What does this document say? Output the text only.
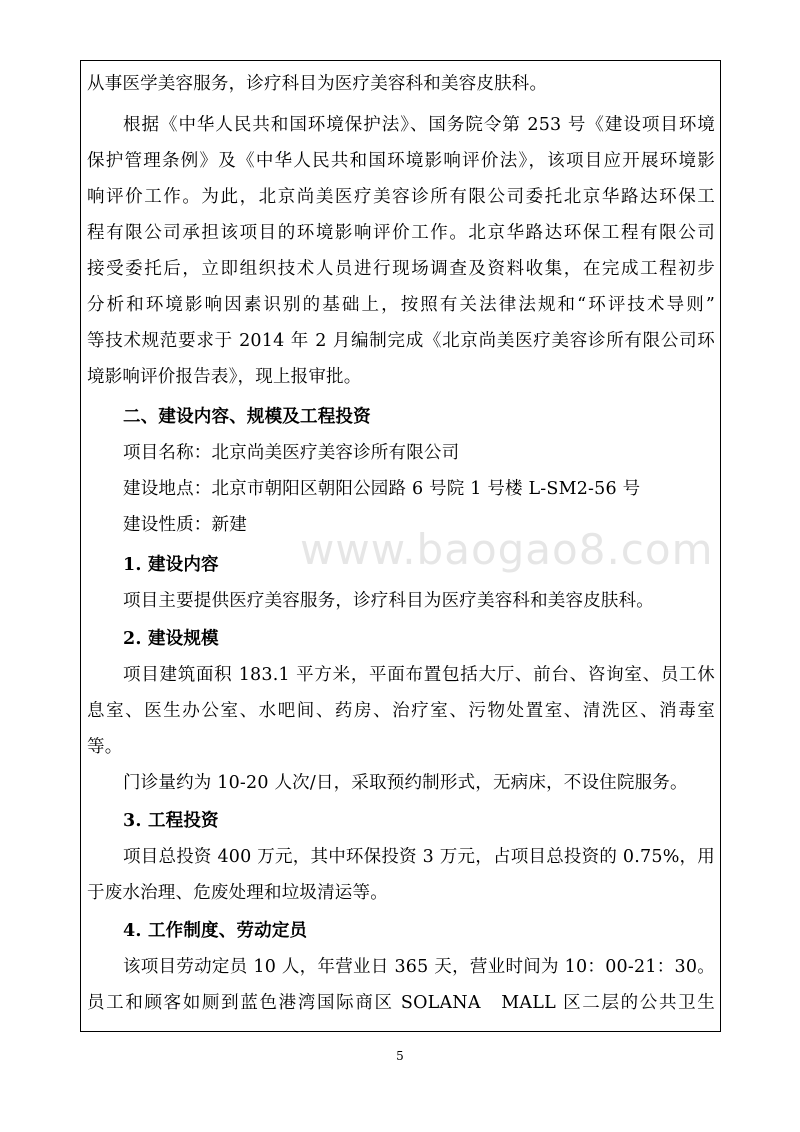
www.baogao8.com
从事医学美容服务，诊疗科目为医疗美容科和美容皮肤科。
根据《中华人民共和国环境保护法》、国务院令第 253 号《建设项目环境
保护管理条例》及《中华人民共和国环境影响评价法》，该项目应开展环境影
响评价工作。为此，北京尚美医疗美容诊所有限公司委托北京华路达环保工
程有限公司承担该项目的环境影响评价工作。北京华路达环保工程有限公司
接受委托后，立即组织技术人员进行现场调查及资料收集，在完成工程初步
分析和环境影响因素识别的基础上，按照有关法律法规和“环评技术导则”
等技术规范要求于 2014 年 2 月编制完成《北京尚美医疗美容诊所有限公司环
境影响评价报告表》，现上报审批。
二、建设内容、规模及工程投资
项目名称：北京尚美医疗美容诊所有限公司
建设地点：北京市朝阳区朝阳公园路 6 号院 1 号楼 L-SM2-56 号
建设性质：新建
1. 建设内容
项目主要提供医疗美容服务，诊疗科目为医疗美容科和美容皮肤科。
2. 建设规模
项目建筑面积 183.1 平方米，平面布置包括大厅、前台、咨询室、员工休
息室、医生办公室、水吧间、药房、治疗室、污物处置室、清洗区、消毒室
等。
门诊量约为 10-20 人次/日，采取预约制形式，无病床，不设住院服务。
3. 工程投资
项目总投资 400 万元，其中环保投资 3 万元，占项目总投资的 0.75%，用
于废水治理、危废处理和垃圾清运等。
4. 工作制度、劳动定员
该项目劳动定员 10 人，年营业日 365 天，营业时间为 10：00-21：30。
员工和顾客如厕到蓝色港湾国际商区 SOLANA　MALL 区二层的公共卫生
5
